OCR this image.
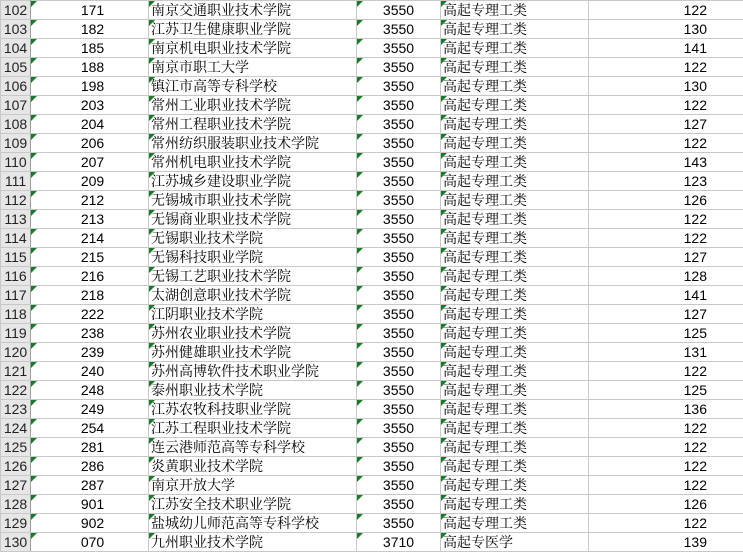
102	171	南京交通职业技术学院	3550	高起专理工类	122
103	182	江苏卫生健康职业学院	3550	高起专理工类	130
104	185	南京机电职业技术学院	3550	高起专理工类	141
105	188	南京市职工大学	3550	高起专理工类	122
106	198	镇江市高等专科学校	3550	高起专理工类	130
107	203	常州工业职业技术学院	3550	高起专理工类	122
108	204	常州工程职业技术学院	3550	高起专理工类	127
109	206	常州纺织服装职业技术学院	3550	高起专理工类	122
110	207	常州机电职业技术学院	3550	高起专理工类	143
111	209	江苏城乡建设职业学院	3550	高起专理工类	123
112	212	无锡城市职业技术学院	3550	高起专理工类	126
113	213	无锡商业职业技术学院	3550	高起专理工类	122
114	214	无锡职业技术学院	3550	高起专理工类	122
115	215	无锡科技职业学院	3550	高起专理工类	127
116	216	无锡工艺职业技术学院	3550	高起专理工类	128
117	218	太湖创意职业技术学院	3550	高起专理工类	141
118	222	江阴职业技术学院	3550	高起专理工类	127
119	238	苏州农业职业技术学院	3550	高起专理工类	125
120	239	苏州健雄职业技术学院	3550	高起专理工类	131
121	240	苏州高博软件技术职业学院	3550	高起专理工类	122
122	248	泰州职业技术学院	3550	高起专理工类	125
123	249	江苏农牧科技职业学院	3550	高起专理工类	136
124	254	江苏工程职业技术学院	3550	高起专理工类	122
125	281	连云港师范高等专科学校	3550	高起专理工类	122
126	286	炎黄职业技术学院	3550	高起专理工类	122
127	287	南京开放大学	3550	高起专理工类	122
128	901	江苏安全技术职业学院	3550	高起专理工类	126
129	902	盐城幼儿师范高等专科学校	3550	高起专理工类	122
130	070	九州职业技术学院	3710	高起专医学	139
